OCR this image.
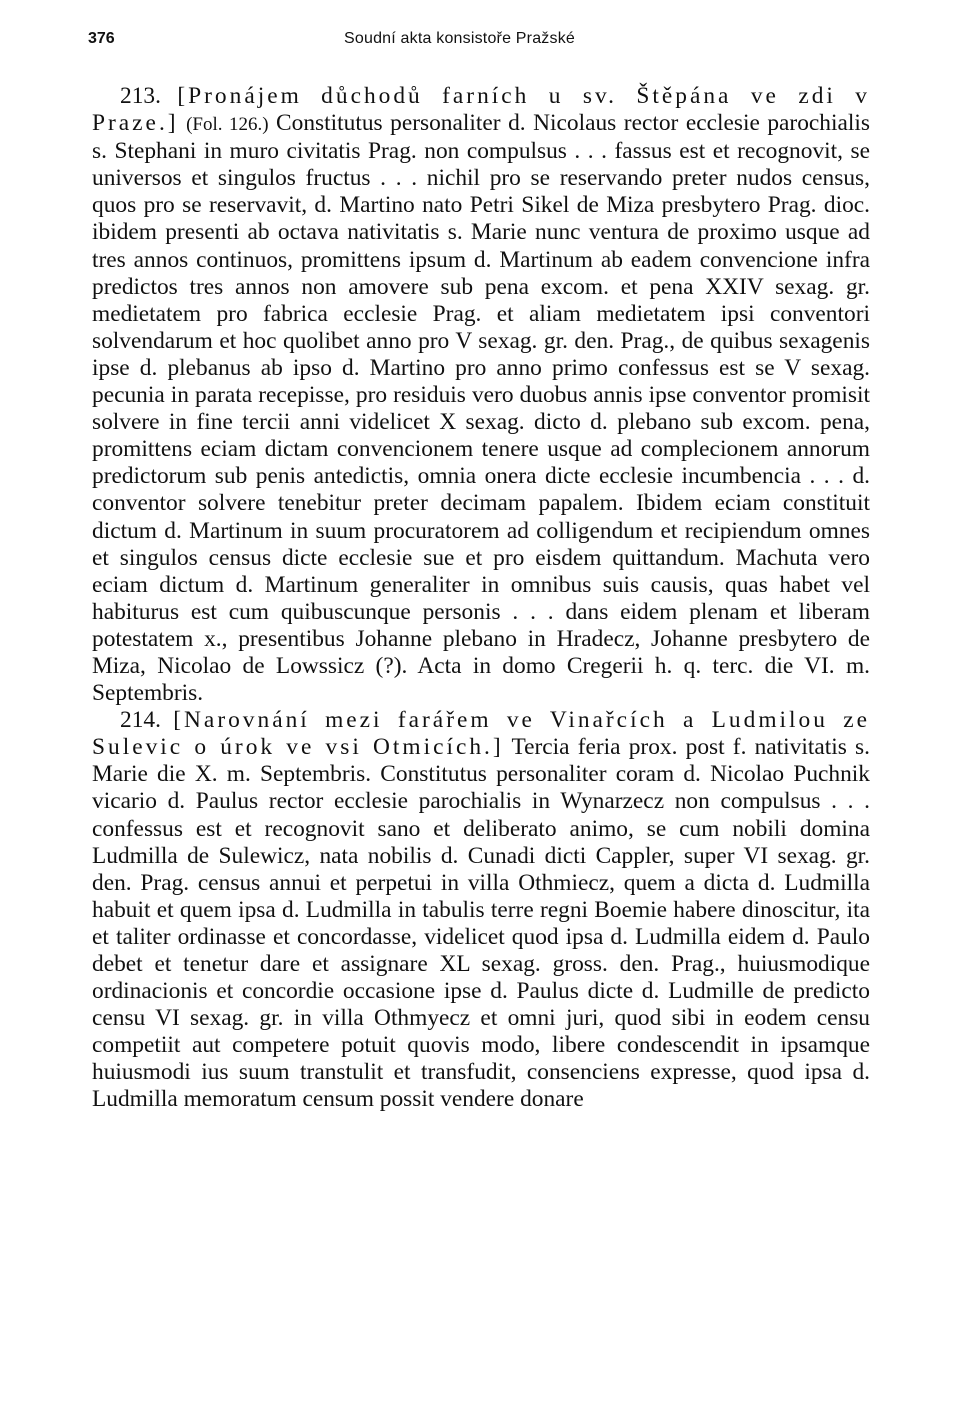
376	Soudní akta konsistoře Pražské

213. [Pronájem důchodů farních u sv. Štěpána ve zdi v Praze.] (Fol. 126.) Constitutus personaliter d. Nicolaus rector ecclesie parochialis s. Stephani in muro civitatis Prag. non compulsus . . . fassus est et recognovit, se universos et singulos fructus . . . nichil pro se reservando preter nudos census, quos pro se reservavit, d. Martino nato Petri Sikel de Miza presbytero Prag. dioc. ibidem presenti ab octava nativitatis s. Marie nunc ventura de proximo usque ad tres annos continuos, promittens ipsum d. Martinum ab eadem convencione infra predictos tres annos non amovere sub pena excom. et pena XXIV sexag. gr. medietatem pro fabrica ecclesie Prag. et aliam medietatem ipsi conventori solvendarum et hoc quolibet anno pro V sexag. gr. den. Prag., de quibus sexagenis ipse d. plebanus ab ipso d. Martino pro anno primo confessus est se V sexag. pecunia in parata recepisse, pro residuis vero duobus annis ipse conventor promisit solvere in fine tercii anni videlicet X sexag. dicto d. plebano sub excom. pena, promittens eciam dictam convencionem tenere usque ad complecionem annorum predictorum sub penis antedictis, omnia onera dicte ecclesie incumbencia . . . d. conventor solvere tenebitur preter decimam papalem. Ibidem eciam constituit dictum d. Martinum in suum procuratorem ad colligendum et recipiendum omnes et singulos census dicte ecclesie sue et pro eisdem quittandum. Machuta vero eciam dictum d. Martinum generaliter in omnibus suis causis, quas habet vel habiturus est cum quibuscunque personis . . . dans eidem plenam et liberam potestatem x., presentibus Johanne plebano in Hradecz, Johanne presbytero de Miza, Nicolao de Lowssicz (?). Acta in domo Cregerii h. q. terc. die VI. m. Septembris.

214. [Narovnání mezi farářem ve Vinařcích a Ludmilou ze Sulevic o úrok ve vsi Otmicích.] Tercia feria prox. post f. nativitatis s. Marie die X. m. Septembris. Constitutus personaliter coram d. Nicolao Puchnik vicario d. Paulus rector ecclesie parochialis in Wynarzecz non compulsus . . . confessus est et recognovit sano et deliberato animo, se cum nobili domina Ludmilla de Sulewicz, nata nobilis d. Cunadi dicti Cappler, super VI sexag. gr. den. Prag. census annui et perpetui in villa Othmiecz, quem a dicta d. Ludmilla habuit et quem ipsa d. Ludmilla in tabulis terre regni Boemie habere dinoscitur, ita et taliter ordinasse et concordasse, videlicet quod ipsa d. Ludmilla eidem d. Paulo debet et tenetur dare et assignare XL sexag. gross. den. Prag., huiusmodique ordinacionis et concordie occasione ipse d. Paulus dicte d. Ludmille de predicto censu VI sexag. gr. in villa Othmyecz et omni juri, quod sibi in eodem censu competiit aut competere potuit quovis modo, libere condescendit in ipsamque huiusmodi ius suum transtulit et transfudit, consenciens expresse, quod ipsa d. Ludmilla memoratum censum possit vendere donare
